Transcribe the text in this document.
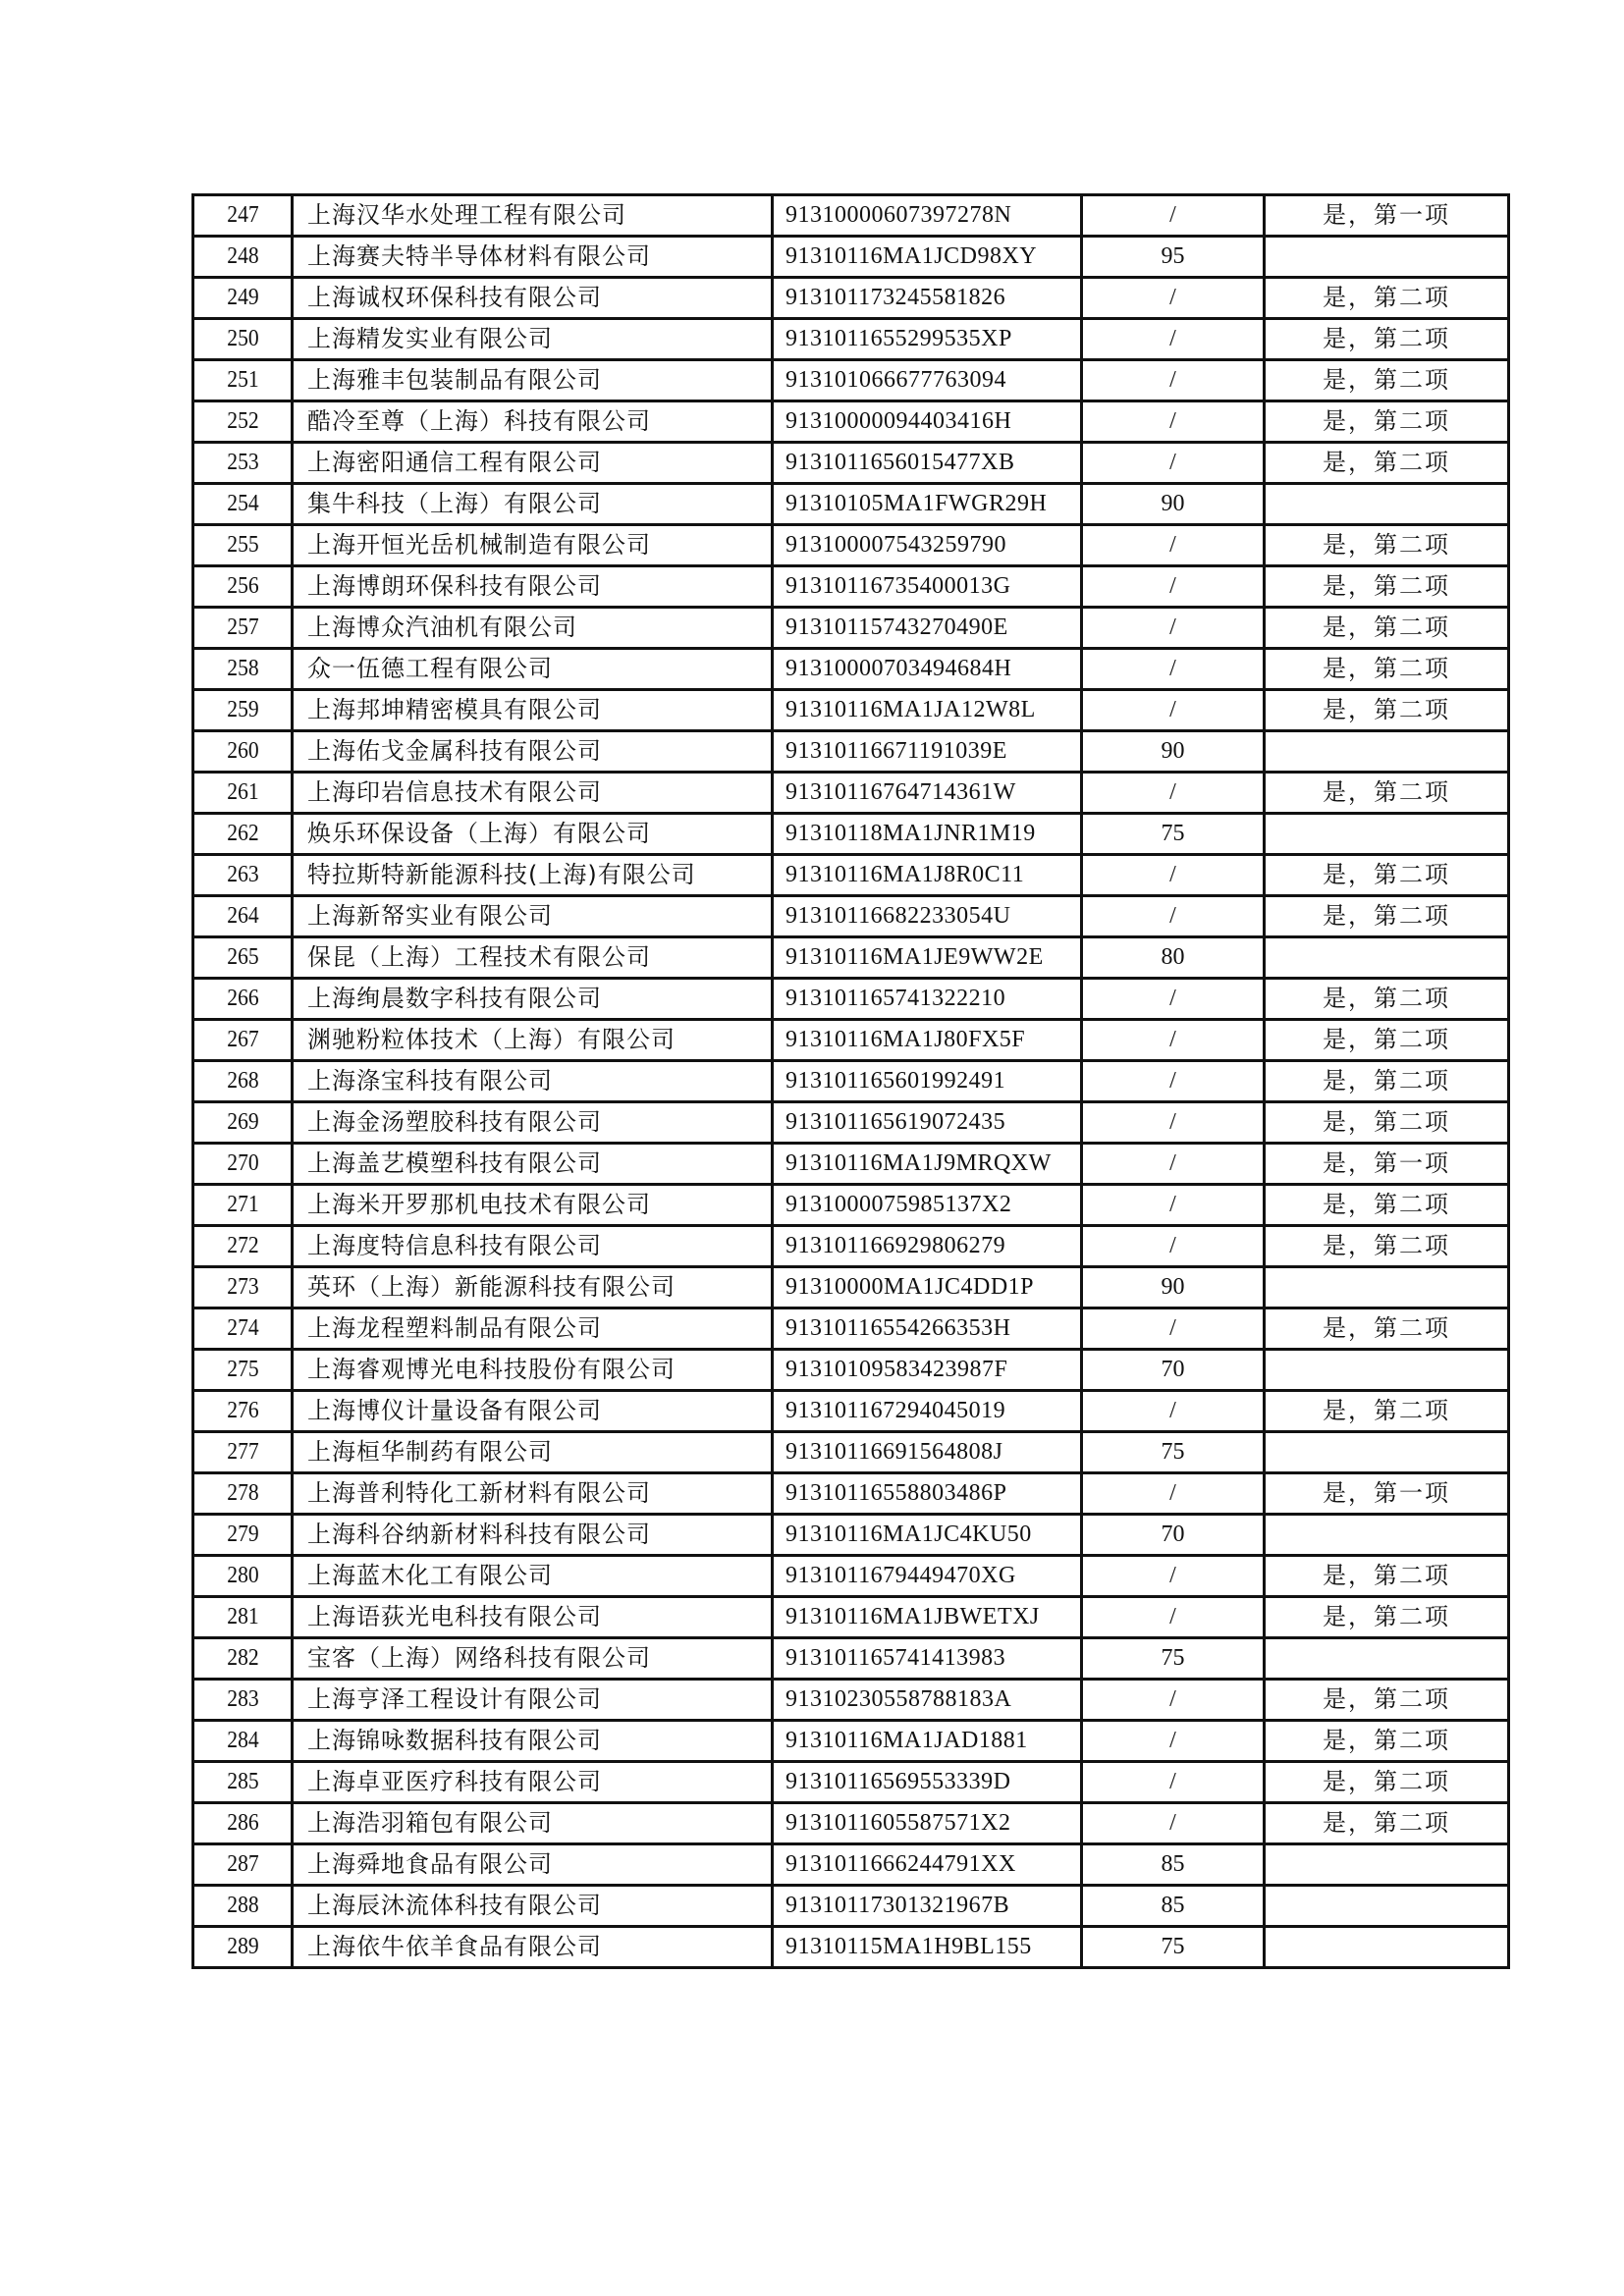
247	上海汉华水处理工程有限公司	91310000607397278N	/	是，第一项
248	上海赛夫特半导体材料有限公司	91310116MA1JCD98XY	95	
249	上海诚权环保科技有限公司	913101173245581826	/	是，第二项
250	上海精发实业有限公司	9131011655299535XP	/	是，第二项
251	上海雅丰包装制品有限公司	913101066677763094	/	是，第二项
252	酷冷至尊（上海）科技有限公司	91310000094403416H	/	是，第二项
253	上海密阳通信工程有限公司	9131011656015477XB	/	是，第二项
254	集牛科技（上海）有限公司	91310105MA1FWGR29H	90	
255	上海开恒光岳机械制造有限公司	913100007543259790	/	是，第二项
256	上海博朗环保科技有限公司	91310116735400013G	/	是，第二项
257	上海博众汽油机有限公司	91310115743270490E	/	是，第二项
258	众一伍德工程有限公司	91310000703494684H	/	是，第二项
259	上海邦坤精密模具有限公司	91310116MA1JA12W8L	/	是，第二项
260	上海佑戈金属科技有限公司	91310116671191039E	90	
261	上海印岩信息技术有限公司	91310116764714361W	/	是，第二项
262	焕乐环保设备（上海）有限公司	91310118MA1JNR1M19	75	
263	特拉斯特新能源科技(上海)有限公司	91310116MA1J8R0C11	/	是，第二项
264	上海新帑实业有限公司	91310116682233054U	/	是，第二项
265	保昆（上海）工程技术有限公司	91310116MA1JE9WW2E	80	
266	上海绚晨数字科技有限公司	913101165741322210	/	是，第二项
267	渊驰粉粒体技术（上海）有限公司	91310116MA1J80FX5F	/	是，第二项
268	上海涤宝科技有限公司	913101165601992491	/	是，第二项
269	上海金汤塑胶科技有限公司	913101165619072435	/	是，第二项
270	上海盖艺模塑科技有限公司	91310116MA1J9MRQXW	/	是，第一项
271	上海米开罗那机电技术有限公司	9131000075985137X2	/	是，第二项
272	上海度特信息科技有限公司	913101166929806279	/	是，第二项
273	英环（上海）新能源科技有限公司	91310000MA1JC4DD1P	90	
274	上海龙程塑料制品有限公司	91310116554266353H	/	是，第二项
275	上海睿观博光电科技股份有限公司	91310109583423987F	70	
276	上海博仪计量设备有限公司	913101167294045019	/	是，第二项
277	上海桓华制药有限公司	91310116691564808J	75	
278	上海普利特化工新材料有限公司	91310116558803486P	/	是，第一项
279	上海科谷纳新材料科技有限公司	91310116MA1JC4KU50	70	
280	上海蓝木化工有限公司	9131011679449470XG	/	是，第二项
281	上海语荻光电科技有限公司	91310116MA1JBWETXJ	/	是，第二项
282	宝客（上海）网络科技有限公司	913101165741413983	75	
283	上海亨泽工程设计有限公司	91310230558788183A	/	是，第二项
284	上海锦咏数据科技有限公司	91310116MA1JAD1881	/	是，第二项
285	上海卓亚医疗科技有限公司	91310116569553339D	/	是，第二项
286	上海浩羽箱包有限公司	9131011605587571X2	/	是，第二项
287	上海舜地食品有限公司	9131011666244791XX	85	
288	上海辰沐流体科技有限公司	91310117301321967B	85	
289	上海依牛依羊食品有限公司	91310115MA1H9BL155	75	
